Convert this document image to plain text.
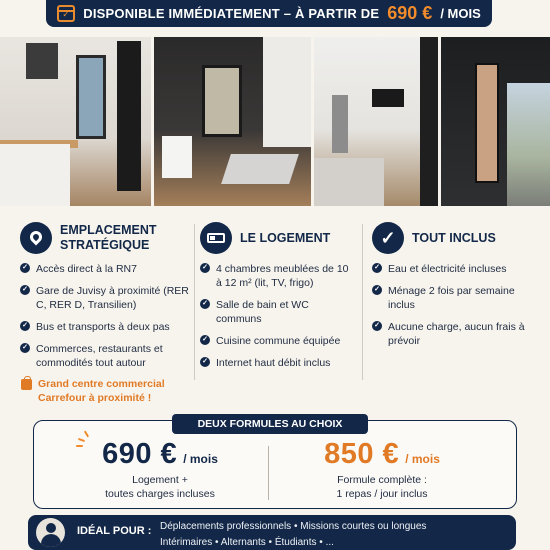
✓
DISPONIBLE IMMÉDIATEMENT – À PARTIR DE 690 € / MOIS
EMPLACEMENT
STRATÉGIQUE
✓ Accès direct à la RN7
✓ Gare de Juvisy à proximité (RER C, RER D, Transilien)
✓ Bus et transports à deux pas
✓ Commerces, restaurants et commodités tout autour
Grand centre commercial Carrefour à proximité !
LE LOGEMENT
✓ 4 chambres meublées de 10 à 12 m² (lit, TV, frigo)
✓ Salle de bain et WC communs
✓ Cuisine commune équipée
✓ Internet haut débit inclus
✓ TOUT INCLUS
✓ Eau et électricité incluses
✓ Ménage 2 fois par semaine inclus
✓ Aucune charge, aucun frais à prévoir
DEUX FORMULES AU CHOIX
690 € / mois
Logement +
toutes charges incluses
850 € / mois
Formule complète :
1 repas / jour inclus
IDÉAL POUR : Déplacements professionnels • Missions courtes ou longues
Intérimaires • Alternants • Étudiants • ...
